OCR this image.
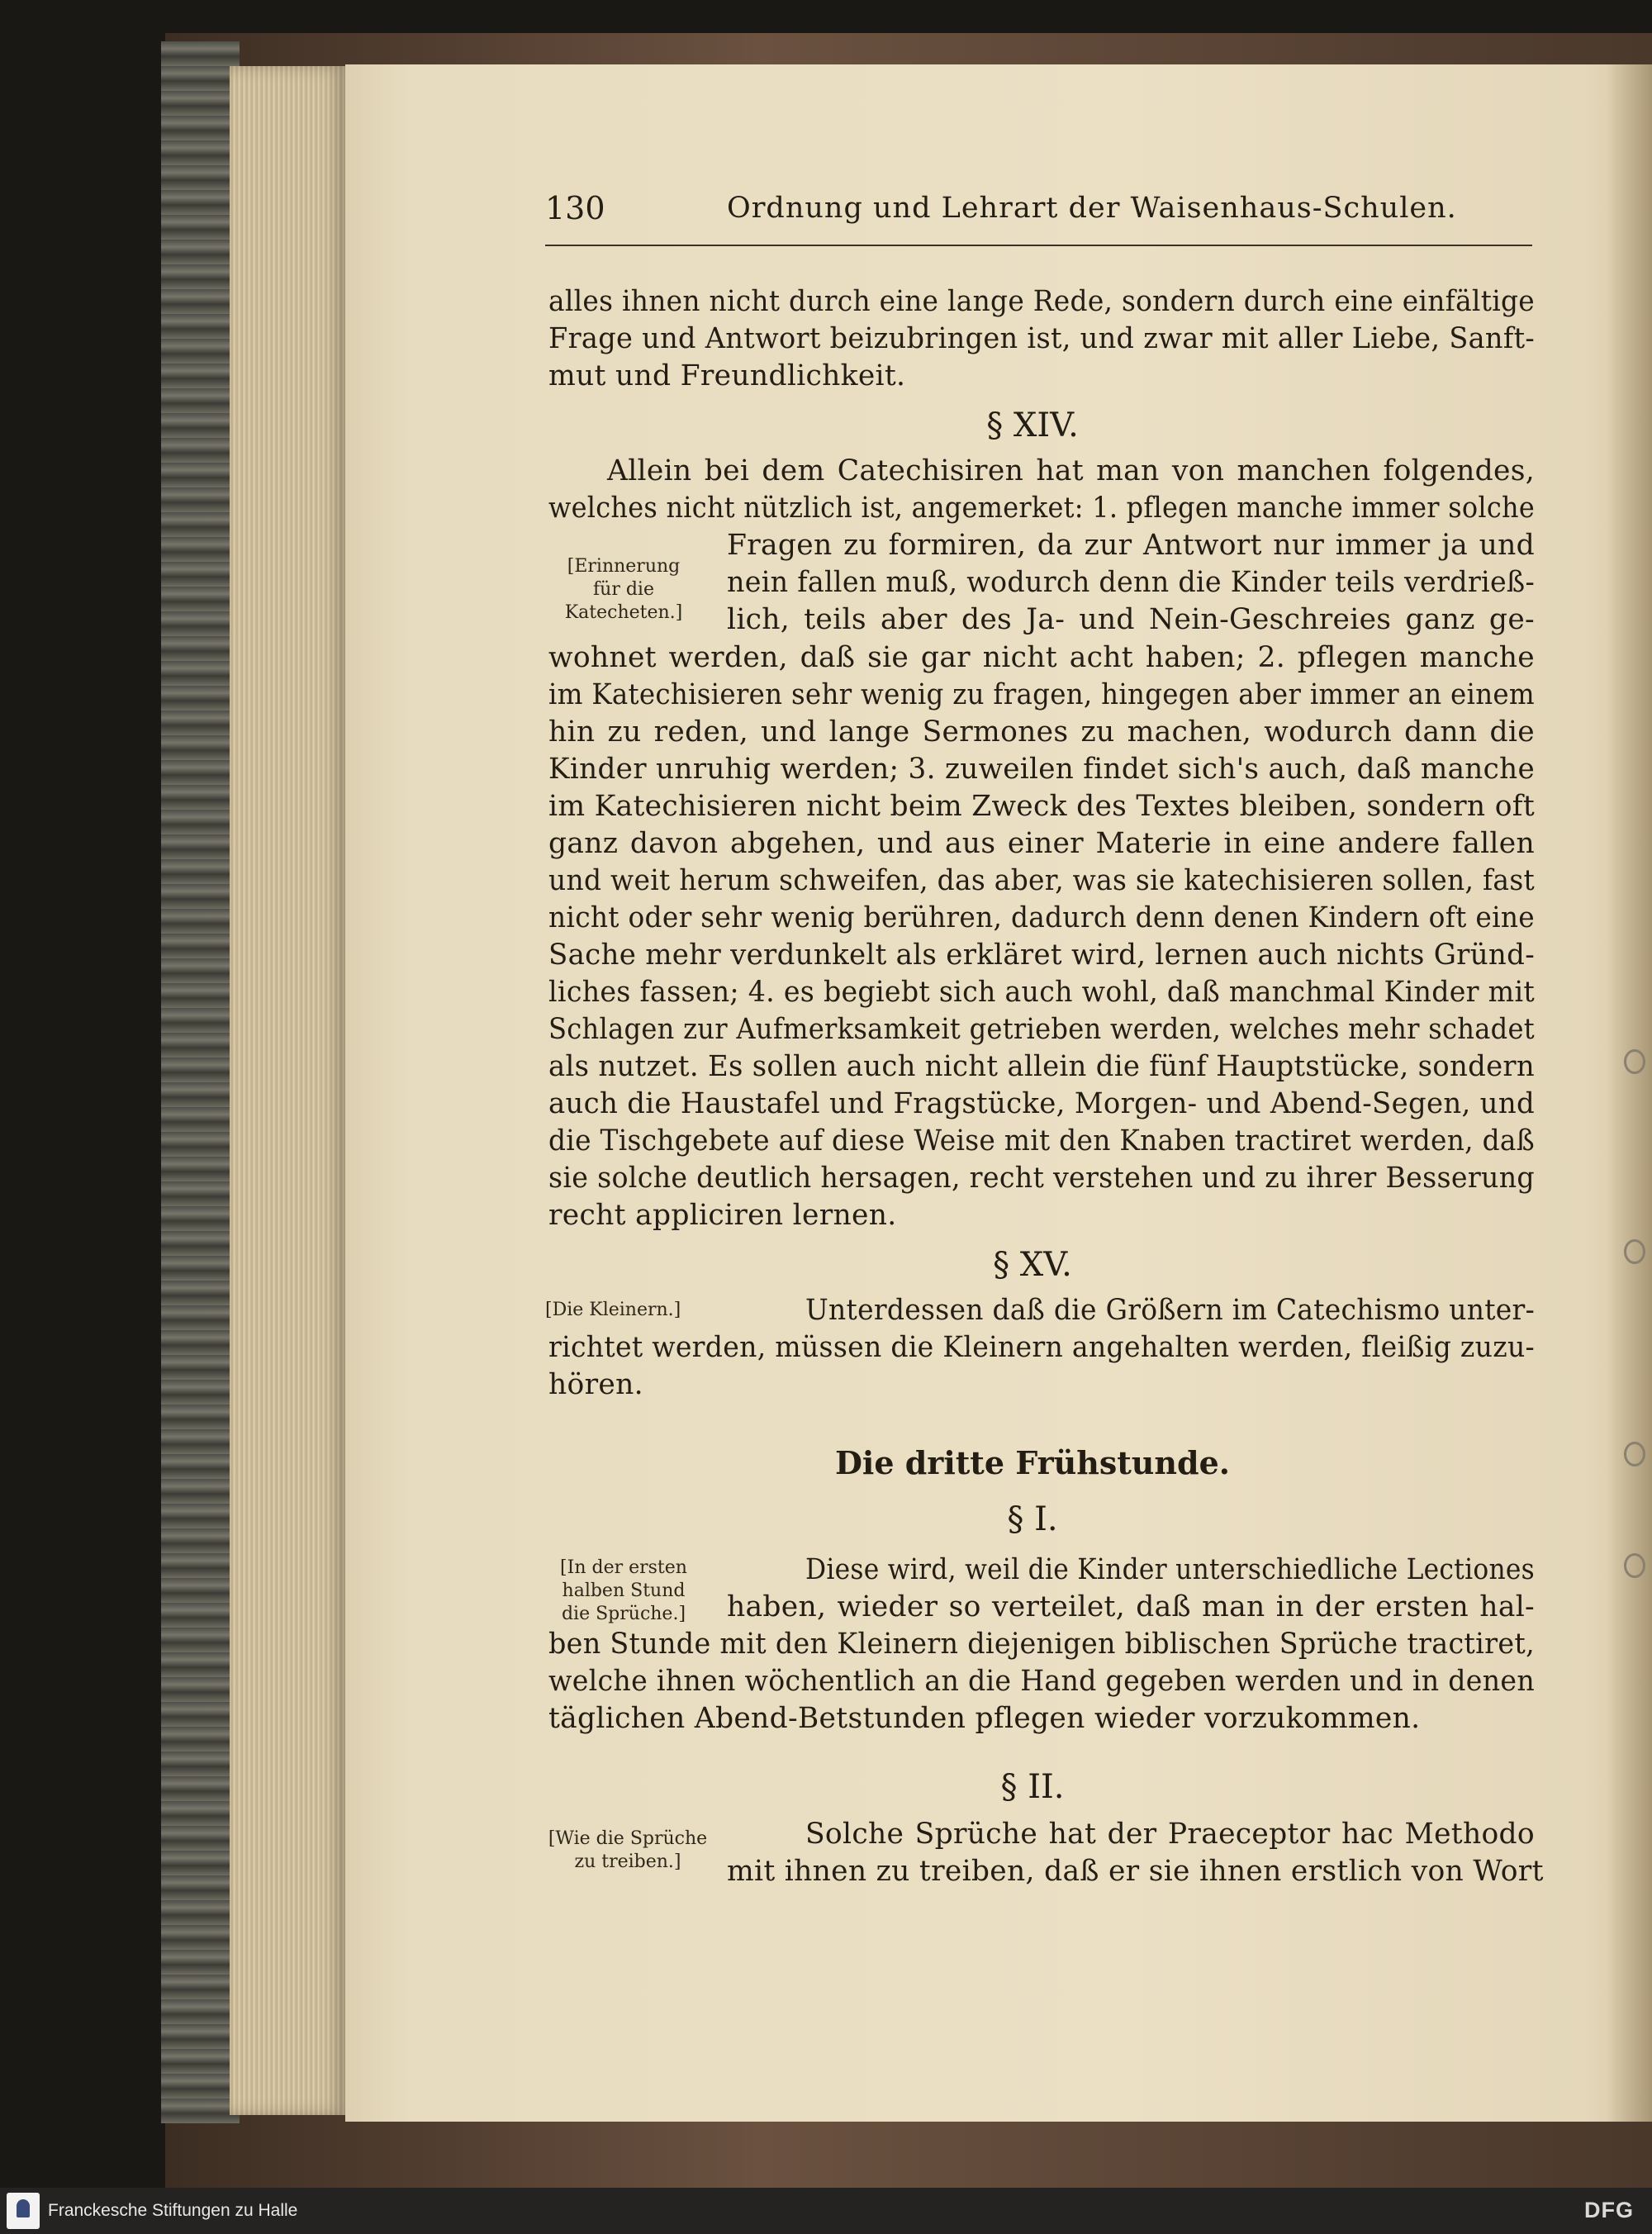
130	Ordnung und Lehrart der Waisenhaus-Schulen.
alles ihnen nicht durch eine lange Rede, sondern durch eine einfältige
Frage und Antwort beizubringen ist, und zwar mit aller Liebe, Sanft-
mut und Freundlichkeit.
§ XIV.
Allein bei dem Catechisiren hat man von manchen folgendes,
welches nicht nützlich ist, angemerket: 1. pflegen manche immer solche
Fragen zu formiren, da zur Antwort nur immer ja und
nein fallen muß, wodurch denn die Kinder teils verdrieß-
lich, teils aber des Ja- und Nein-Geschreies ganz ge-
wohnet werden, daß sie gar nicht acht haben; 2. pflegen manche
im Katechisieren sehr wenig zu fragen, hingegen aber immer an einem
hin zu reden, und lange Sermones zu machen, wodurch dann die
Kinder unruhig werden; 3. zuweilen findet sich's auch, daß manche
im Katechisieren nicht beim Zweck des Textes bleiben, sondern oft
ganz davon abgehen, und aus einer Materie in eine andere fallen
und weit herum schweifen, das aber, was sie katechisieren sollen, fast
nicht oder sehr wenig berühren, dadurch denn denen Kindern oft eine
Sache mehr verdunkelt als erkläret wird, lernen auch nichts Gründ-
liches fassen; 4. es begiebt sich auch wohl, daß manchmal Kinder mit
Schlagen zur Aufmerksamkeit getrieben werden, welches mehr schadet
als nutzet. Es sollen auch nicht allein die fünf Hauptstücke, sondern
auch die Haustafel und Fragstücke, Morgen- und Abend-Segen, und
die Tischgebete auf diese Weise mit den Knaben tractiret werden, daß
sie solche deutlich hersagen, recht verstehen und zu ihrer Besserung
recht appliciren lernen.
§ XV.
Unterdessen daß die Größern im Catechismo unter-
richtet werden, müssen die Kleinern angehalten werden, fleißig zuzu-
hören.
Die dritte Frühstunde.
§ I.
Diese wird, weil die Kinder unterschiedliche Lectiones
haben, wieder so verteilet, daß man in der ersten hal-
ben Stunde mit den Kleinern diejenigen biblischen Sprüche tractiret,
welche ihnen wöchentlich an die Hand gegeben werden und in denen
täglichen Abend-Betstunden pflegen wieder vorzukommen.
§ II.
Solche Sprüche hat der Praeceptor hac Methodo
mit ihnen zu treiben, daß er sie ihnen erstlich von Wort
[Erinnerung
für die
Katecheten.]
[Die Kleinern.]
[In der ersten
halben Stund
die Sprüche.]
[Wie die Sprüche
zu treiben.]
Franckesche Stiftungen zu Halle	DFG
